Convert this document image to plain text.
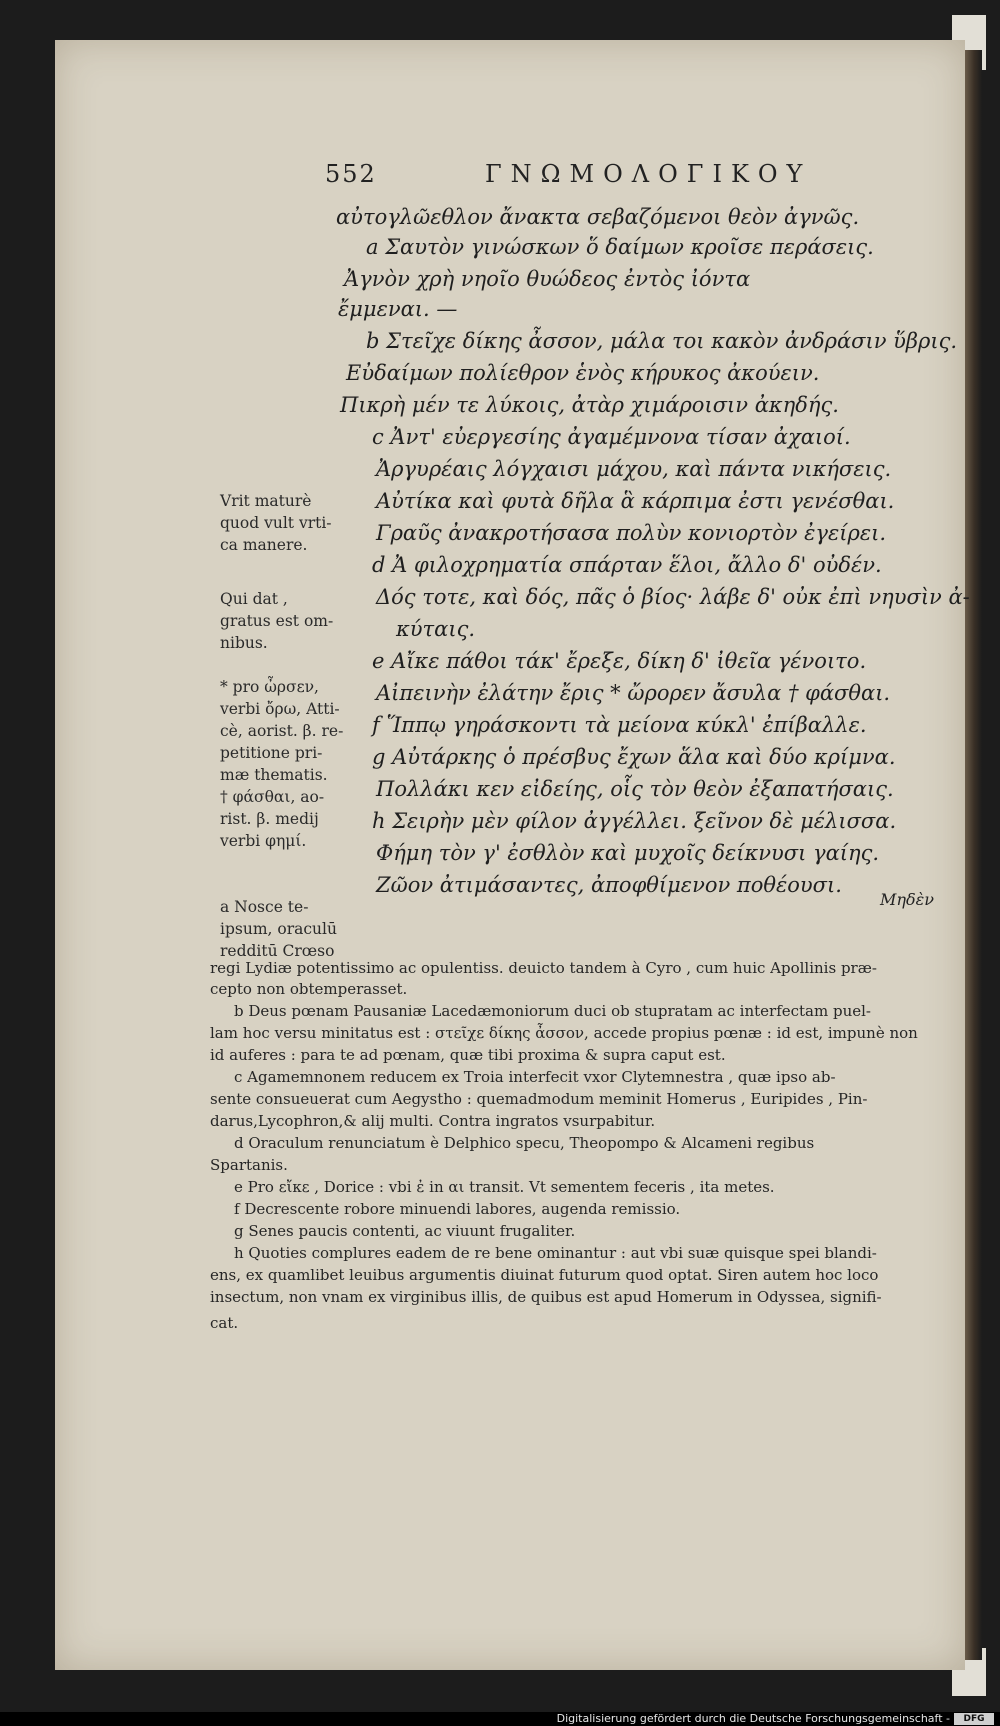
552	ΓΝΩΜΟΛΟΓΙΚΟΥ
αὐτογλῶεθλον ἄνακτα σεβαζόμενοι θεὸν ἀγνῶς.
a Σαυτὸν γινώσκων ὅ δαίμων κροῖσε περάσεις.
Ἀγνὸν χρὴ νηοῖο θυώδεος ἐντὸς ἰόντα
ἔμμεναι. —
b Στεῖχε δίκης ἆσσον, μάλα τοι κακὸν ἀνδράσιν ὕβρις.
Εὐδαίμων πολίεθρον ἑνὸς κήρυκος ἀκούειν.
Πικρὴ μέν τε λύκοις, ἀτὰρ χιμάροισιν ἀκηδής.
c Ἀντ' εὐεργεσίης ἀγαμέμνονα τίσαν ἀχαιοί.
Ἀργυρέαις λόγχαισι μάχου, καὶ πάντα νικήσεις.
Αὐτίκα καὶ φυτὰ δῆλα ἃ κάρπιμα ἐστι γενέσθαι.
Γραῦς ἀνακροτήσασα πολὺν κονιορτὸν ἐγείρει.
d Ἀ φιλοχρηματία σπάρταν ἕλοι, ἄλλο δ' οὐδέν.
Δός τοτε, καὶ δός, πᾶς ὁ βίος· λάβε δ' οὐκ ἐπὶ νηυσὶν ἀ-
κύταις.
e Αἴκε πάθοι τάκ' ἔρεξε, δίκη δ' ἰθεῖα γένοιτο.
Αἰπεινὴν ἐλάτην ἔρις * ὤρορεν ἄσυλα † φάσθαι.
f Ἵππῳ γηράσκοντι τὰ μείονα κύκλ' ἐπίβαλλε.
g Αὐτάρκης ὁ πρέσβυς ἔχων ἅλα καὶ δύο κρίμνα.
Πολλάκι κεν εἰδείης, οἷς τὸν θεὸν ἐξαπατήσαις.
h Σειρὴν μὲν φίλον ἀγγέλλει. ξεῖνον δὲ μέλισσα.
Φήμη τὸν γ' ἐσθλὸν καὶ μυχοῖς δείκνυσι γαίης.
Ζῶον ἀτιμάσαντες, ἀποφθίμενον ποθέουσι.
Vrit maturè
quod vult vrti-
ca manere.
Qui dat ,
gratus est om-
nibus.
* pro ὦρσεν,
verbi ὄρω, Atti-
cè, aorist. β. re-
petitione pri-
mæ thematis.
† φάσθαι, ao-
rist. β. medij
verbi φημί.
a Nosce te-
ipsum, oraculū
redditū Crœso
Μηδὲν
regi Lydiæ potentissimo ac opulentiss. deuicto tandem à Cyro , cum huic Apollinis præ-
cepto non obtemperasset.
b Deus pœnam Pausaniæ Lacedæmoniorum duci ob stupratam ac interfectam puel-
lam hoc versu minitatus est : στεῖχε δίκης ἆσσον, accede propius pœnæ : id est, impunè non
id auferes : para te ad pœnam, quæ tibi proxima & supra caput est.
c Agamemnonem reducem ex Troia interfecit vxor Clytemnestra , quæ ipso ab-
sente consueuerat cum Aegystho : quemadmodum meminit Homerus , Euripides , Pin-
darus,Lycophron,& alij multi. Contra ingratos vsurpabitur.
d Oraculum renunciatum è Delphico specu, Theopompo & Alcameni regibus
Spartanis.
e Pro εἴκε , Dorice : vbi ἐ in αι transit. Vt sementem feceris , ita metes.
f Decrescente robore minuendi labores, augenda remissio.
g Senes paucis contenti, ac viuunt frugaliter.
h Quoties complures eadem de re bene ominantur : aut vbi suæ quisque spei blandi-
ens, ex quamlibet leuibus argumentis diuinat futurum quod optat. Siren autem hoc loco
insectum, non vnam ex virginibus illis, de quibus est apud Homerum in Odyssea, signifi-
cat.
Digitalisierung gefördert durch die Deutsche Forschungsgemeinschaft -	DFG
